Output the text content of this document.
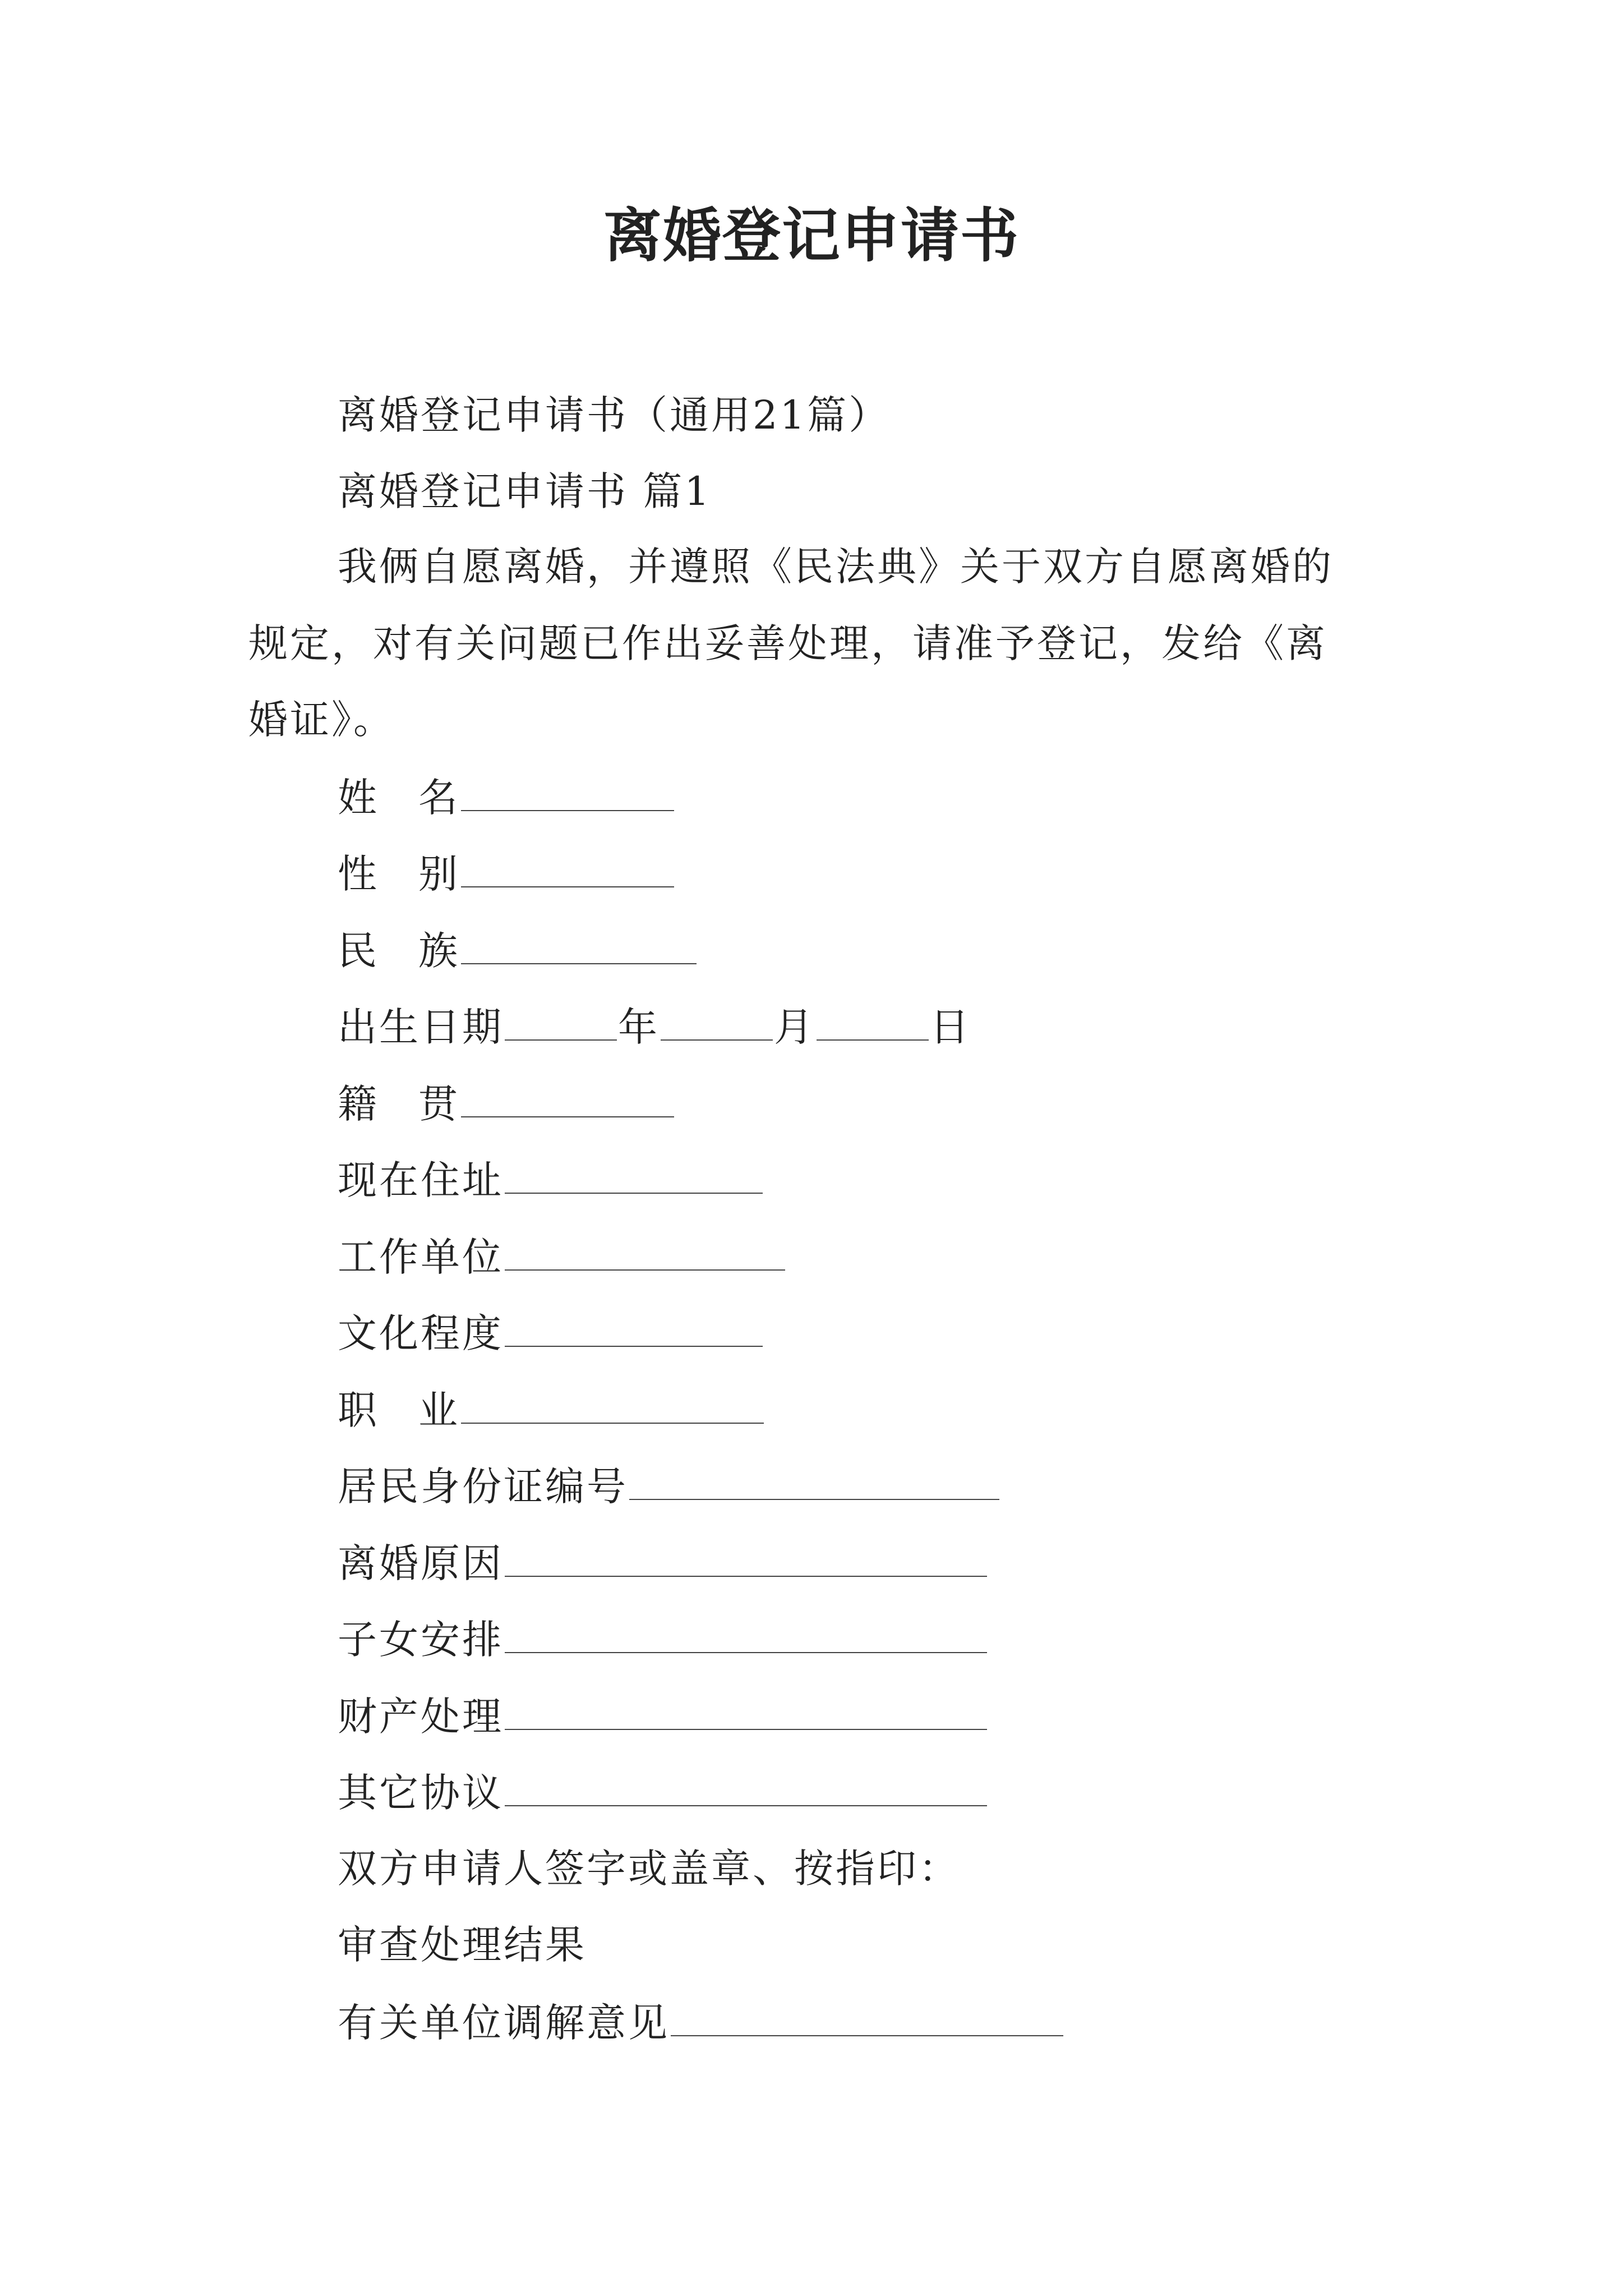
离婚登记申请书
离婚登记申请书（通用21篇）
离婚登记申请书 篇1
我俩自愿离婚，并遵照《民法典》关于双方自愿离婚的
规定，对有关问题已作出妥善处理，请准予登记，发给《离
婚证》。
姓 名
性 别
民 族
出生日期	年	月	日
籍 贯
现在住址
工作单位
文化程度
职 业
居民身份证编号
离婚原因
子女安排
财产处理
其它协议
双方申请人签字或盖章、按指印：
审查处理结果
有关单位调解意见
